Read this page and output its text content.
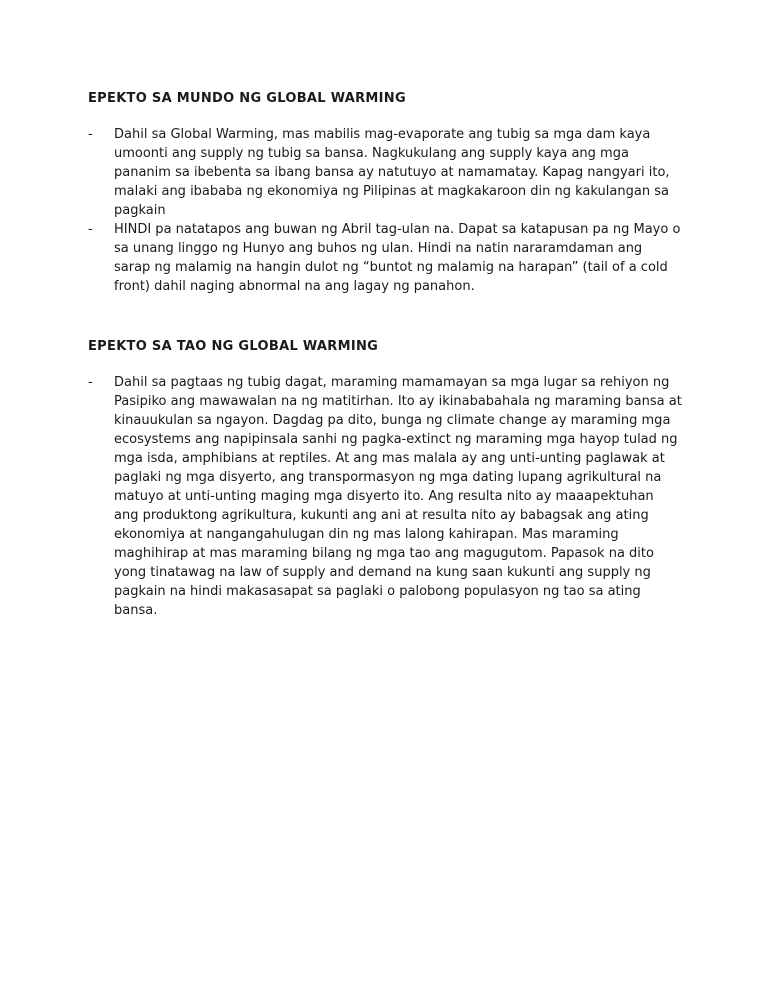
EPEKTO SA MUNDO NG GLOBAL WARMING
-	Dahil sa Global Warming, mas mabilis mag-evaporate ang tubig sa mga dam kaya umoonti ang supply ng tubig sa bansa. Nagkukulang ang supply kaya ang mga pananim sa ibebenta sa ibang bansa ay natutuyo at namamatay. Kapag nangyari ito, malaki ang ibababa ng ekonomiya ng Pilipinas at magkakaroon din ng kakulangan sa pagkain
-	HINDI pa natatapos ang buwan ng Abril tag-ulan na. Dapat sa katapusan pa ng Mayo o sa unang linggo ng Hunyo ang buhos ng ulan. Hindi na natin nararamdaman ang sarap ng malamig na hangin dulot ng “buntot ng malamig na harapan” (tail of a cold front) dahil naging abnormal na ang lagay ng panahon.
EPEKTO SA TAO NG GLOBAL WARMING
-	Dahil sa pagtaas ng tubig dagat, maraming mamamayan sa mga lugar sa rehiyon ng Pasipiko ang mawawalan na ng matitirhan. Ito ay ikinababahala ng maraming bansa at kinauukulan sa ngayon. Dagdag pa dito, bunga ng climate change ay maraming mga ecosystems ang napipinsala sanhi ng pagka-extinct ng maraming mga hayop tulad ng mga isda, amphibians at reptiles. At ang mas malala ay ang unti-unting paglawak at paglaki ng mga disyerto, ang transpormasyon ng mga dating lupang agrikultural na matuyo at unti-unting maging mga disyerto ito. Ang resulta nito ay maaapektuhan ang produktong agrikultura, kukunti ang ani at resulta nito ay babagsak ang ating ekonomiya at nangangahulugan din ng mas lalong kahirapan. Mas maraming maghihirap at mas maraming bilang ng mga tao ang magugutom. Papasok na dito yong tinatawag na law of supply and demand na kung saan kukunti ang supply ng pagkain na hindi makasasapat sa paglaki o palobong populasyon ng tao sa ating bansa.
